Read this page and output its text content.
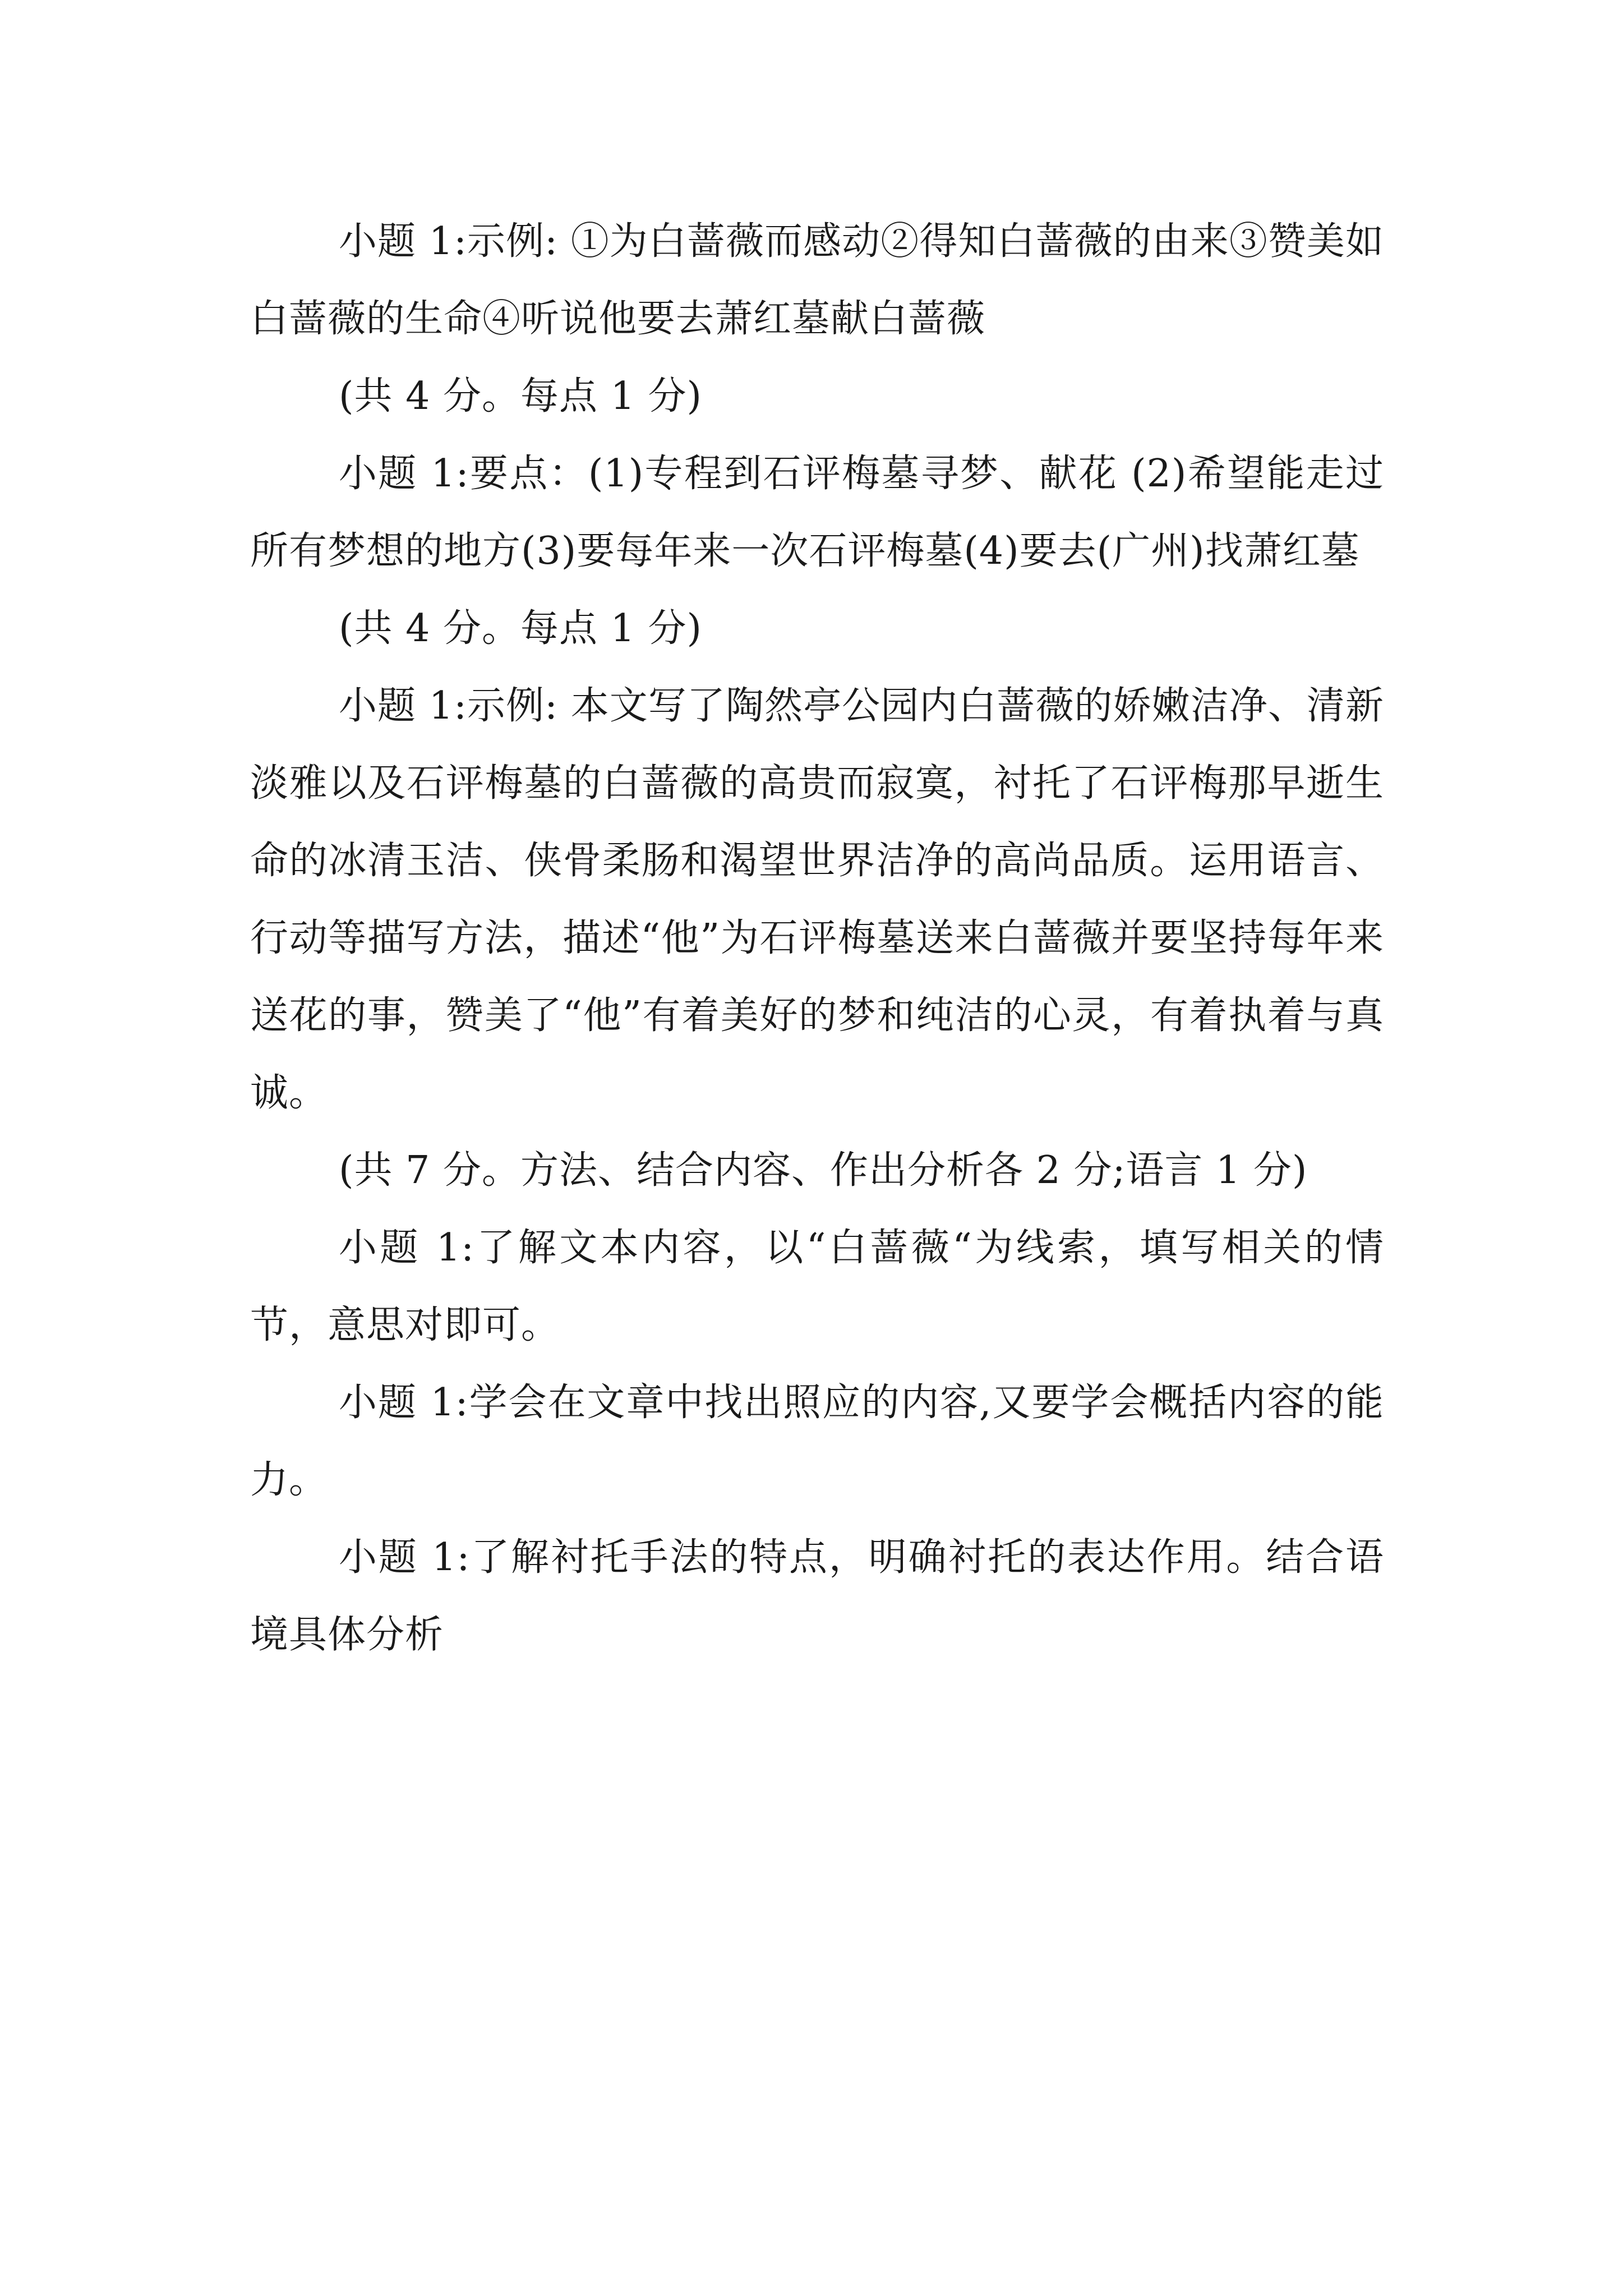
小题 1:示例: ①为白蔷薇而感动②得知白蔷薇的由来③赞美如白蔷薇的生命④听说他要去萧红墓献白蔷薇

(共 4 分。每点 1 分)

小题 1:要点：(1)专程到石评梅墓寻梦、献花 (2)希望能走过所有梦想的地方(3)要每年来一次石评梅墓(4)要去(广州)找萧红墓

(共 4 分。每点 1 分)

小题 1:示例: 本文写了陶然亭公园内白蔷薇的娇嫩洁净、清新淡雅以及石评梅墓的白蔷薇的高贵而寂寞，衬托了石评梅那早逝生命的冰清玉洁、侠骨柔肠和渴望世界洁净的高尚品质。运用语言、行动等描写方法，描述“他”为石评梅墓送来白蔷薇并要坚持每年来送花的事，赞美了“他”有着美好的梦和纯洁的心灵，有着执着与真诚。

(共 7 分。方法、结合内容、作出分析各 2 分;语言 1 分)

小题 1:了解文本内容，以“白蔷薇“为线索，填写相关的情节，意思对即可。

小题 1:学会在文章中找出照应的内容,又要学会概括内容的能力。

小题 1:了解衬托手法的特点，明确衬托的表达作用。结合语境具体分析
